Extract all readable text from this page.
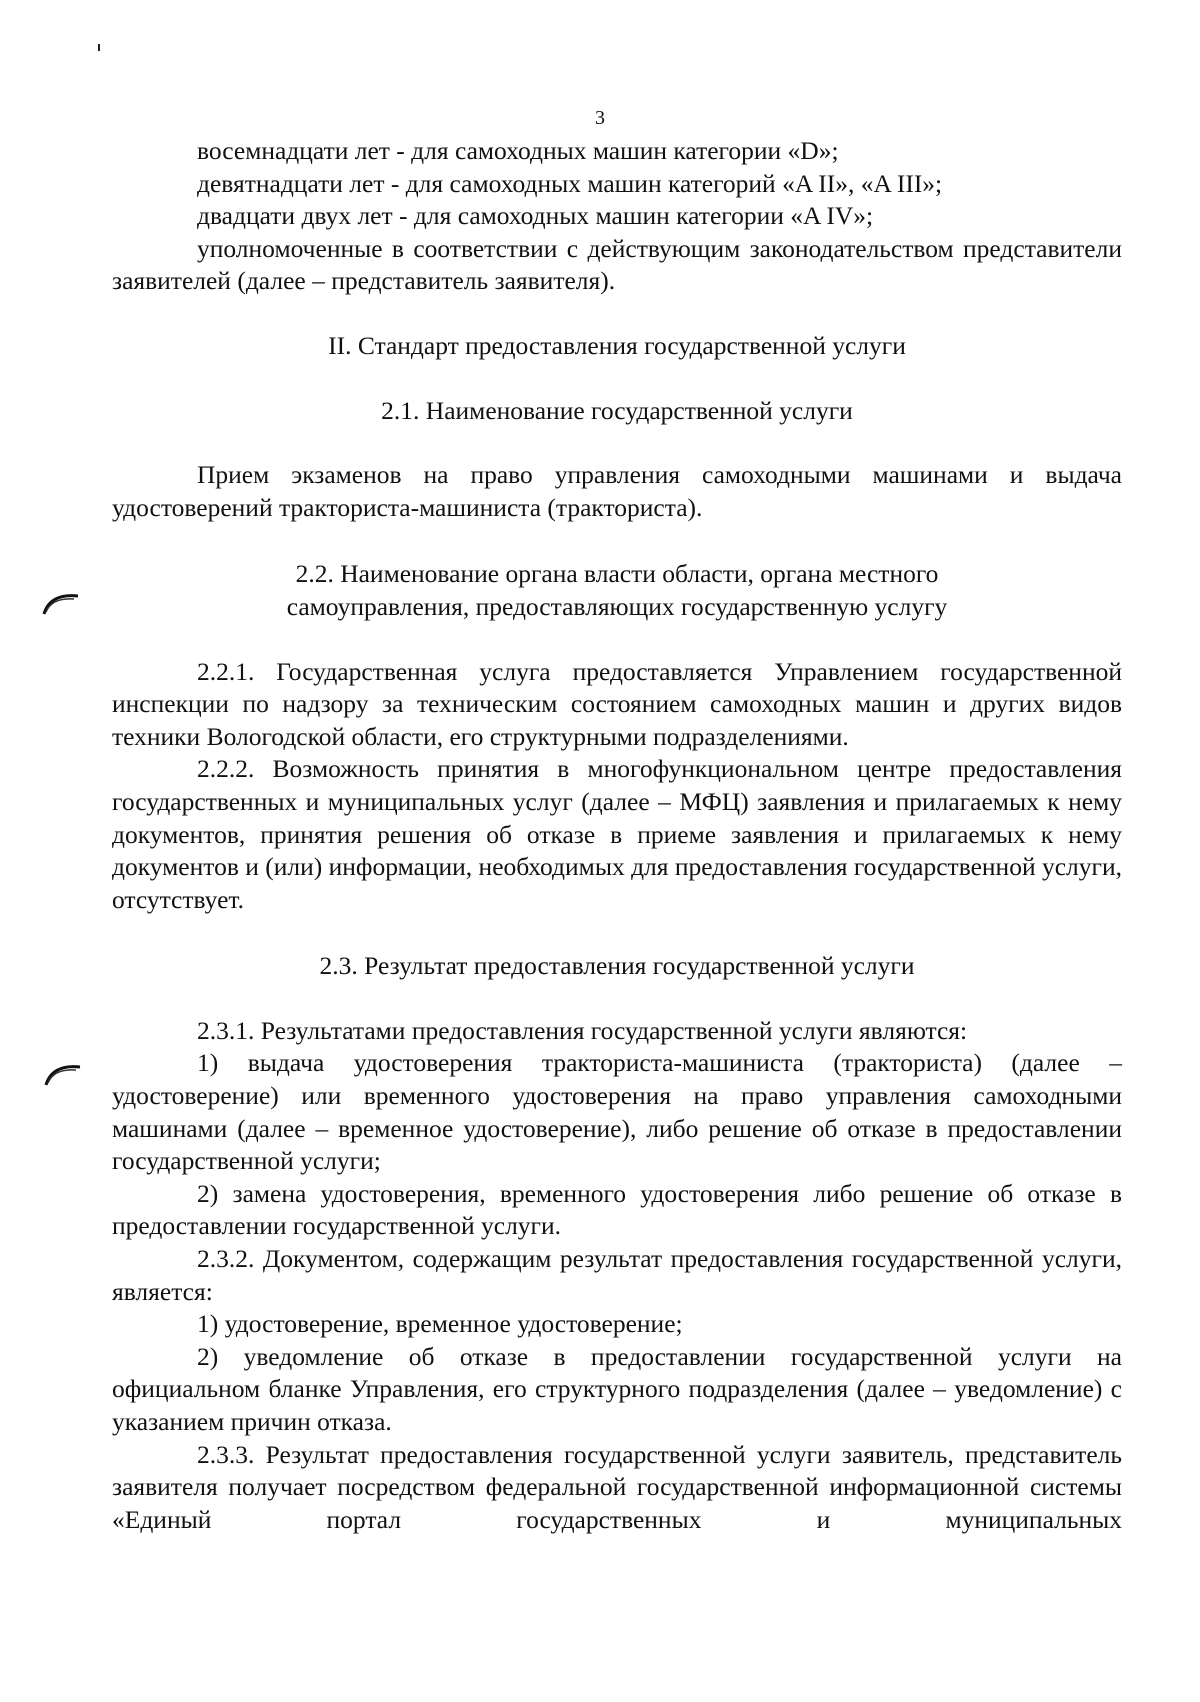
3

восемнадцати лет - для самоходных машин категории «D»;

девятнадцати лет - для самоходных машин категорий «A II», «A III»;

двадцати двух лет - для самоходных машин категории «A IV»;

уполномоченные в соответствии с действующим законодательством представители заявителей (далее – представитель заявителя).

II. Стандарт предоставления государственной услуги

2.1. Наименование государственной услуги

Прием экзаменов на право управления самоходными машинами и выдача удостоверений тракториста-машиниста (тракториста).

2.2. Наименование органа власти области, органа местного

самоуправления, предоставляющих государственную услугу

2.2.1. Государственная услуга предоставляется Управлением государственной инспекции по надзору за техническим состоянием самоходных машин и других видов техники Вологодской области, его структурными подразделениями.

2.2.2. Возможность принятия в многофункциональном центре предоставления государственных и муниципальных услуг (далее – МФЦ) заявления и прилагаемых к нему документов, принятия решения об отказе в приеме заявления и прилагаемых к нему документов и (или) информации, необходимых для предоставления государственной услуги, отсутствует.

2.3. Результат предоставления государственной услуги

2.3.1. Результатами предоставления государственной услуги являются:

1) выдача удостоверения тракториста-машиниста (тракториста) (далее – удостоверение) или временного удостоверения на право управления самоходными машинами (далее – временное удостоверение), либо решение об отказе в предоставлении государственной услуги;

2) замена удостоверения, временного удостоверения либо решение об отказе в предоставлении государственной услуги.

2.3.2. Документом, содержащим результат предоставления государственной услуги, является:

1) удостоверение, временное удостоверение;

2) уведомление об отказе в предоставлении государственной услуги на официальном бланке Управления, его структурного подразделения (далее – уведомление) с указанием причин отказа.

2.3.3. Результат предоставления государственной услуги заявитель, представитель заявителя получает посредством федеральной государственной информационной системы «Единый портал государственных и муниципальных
